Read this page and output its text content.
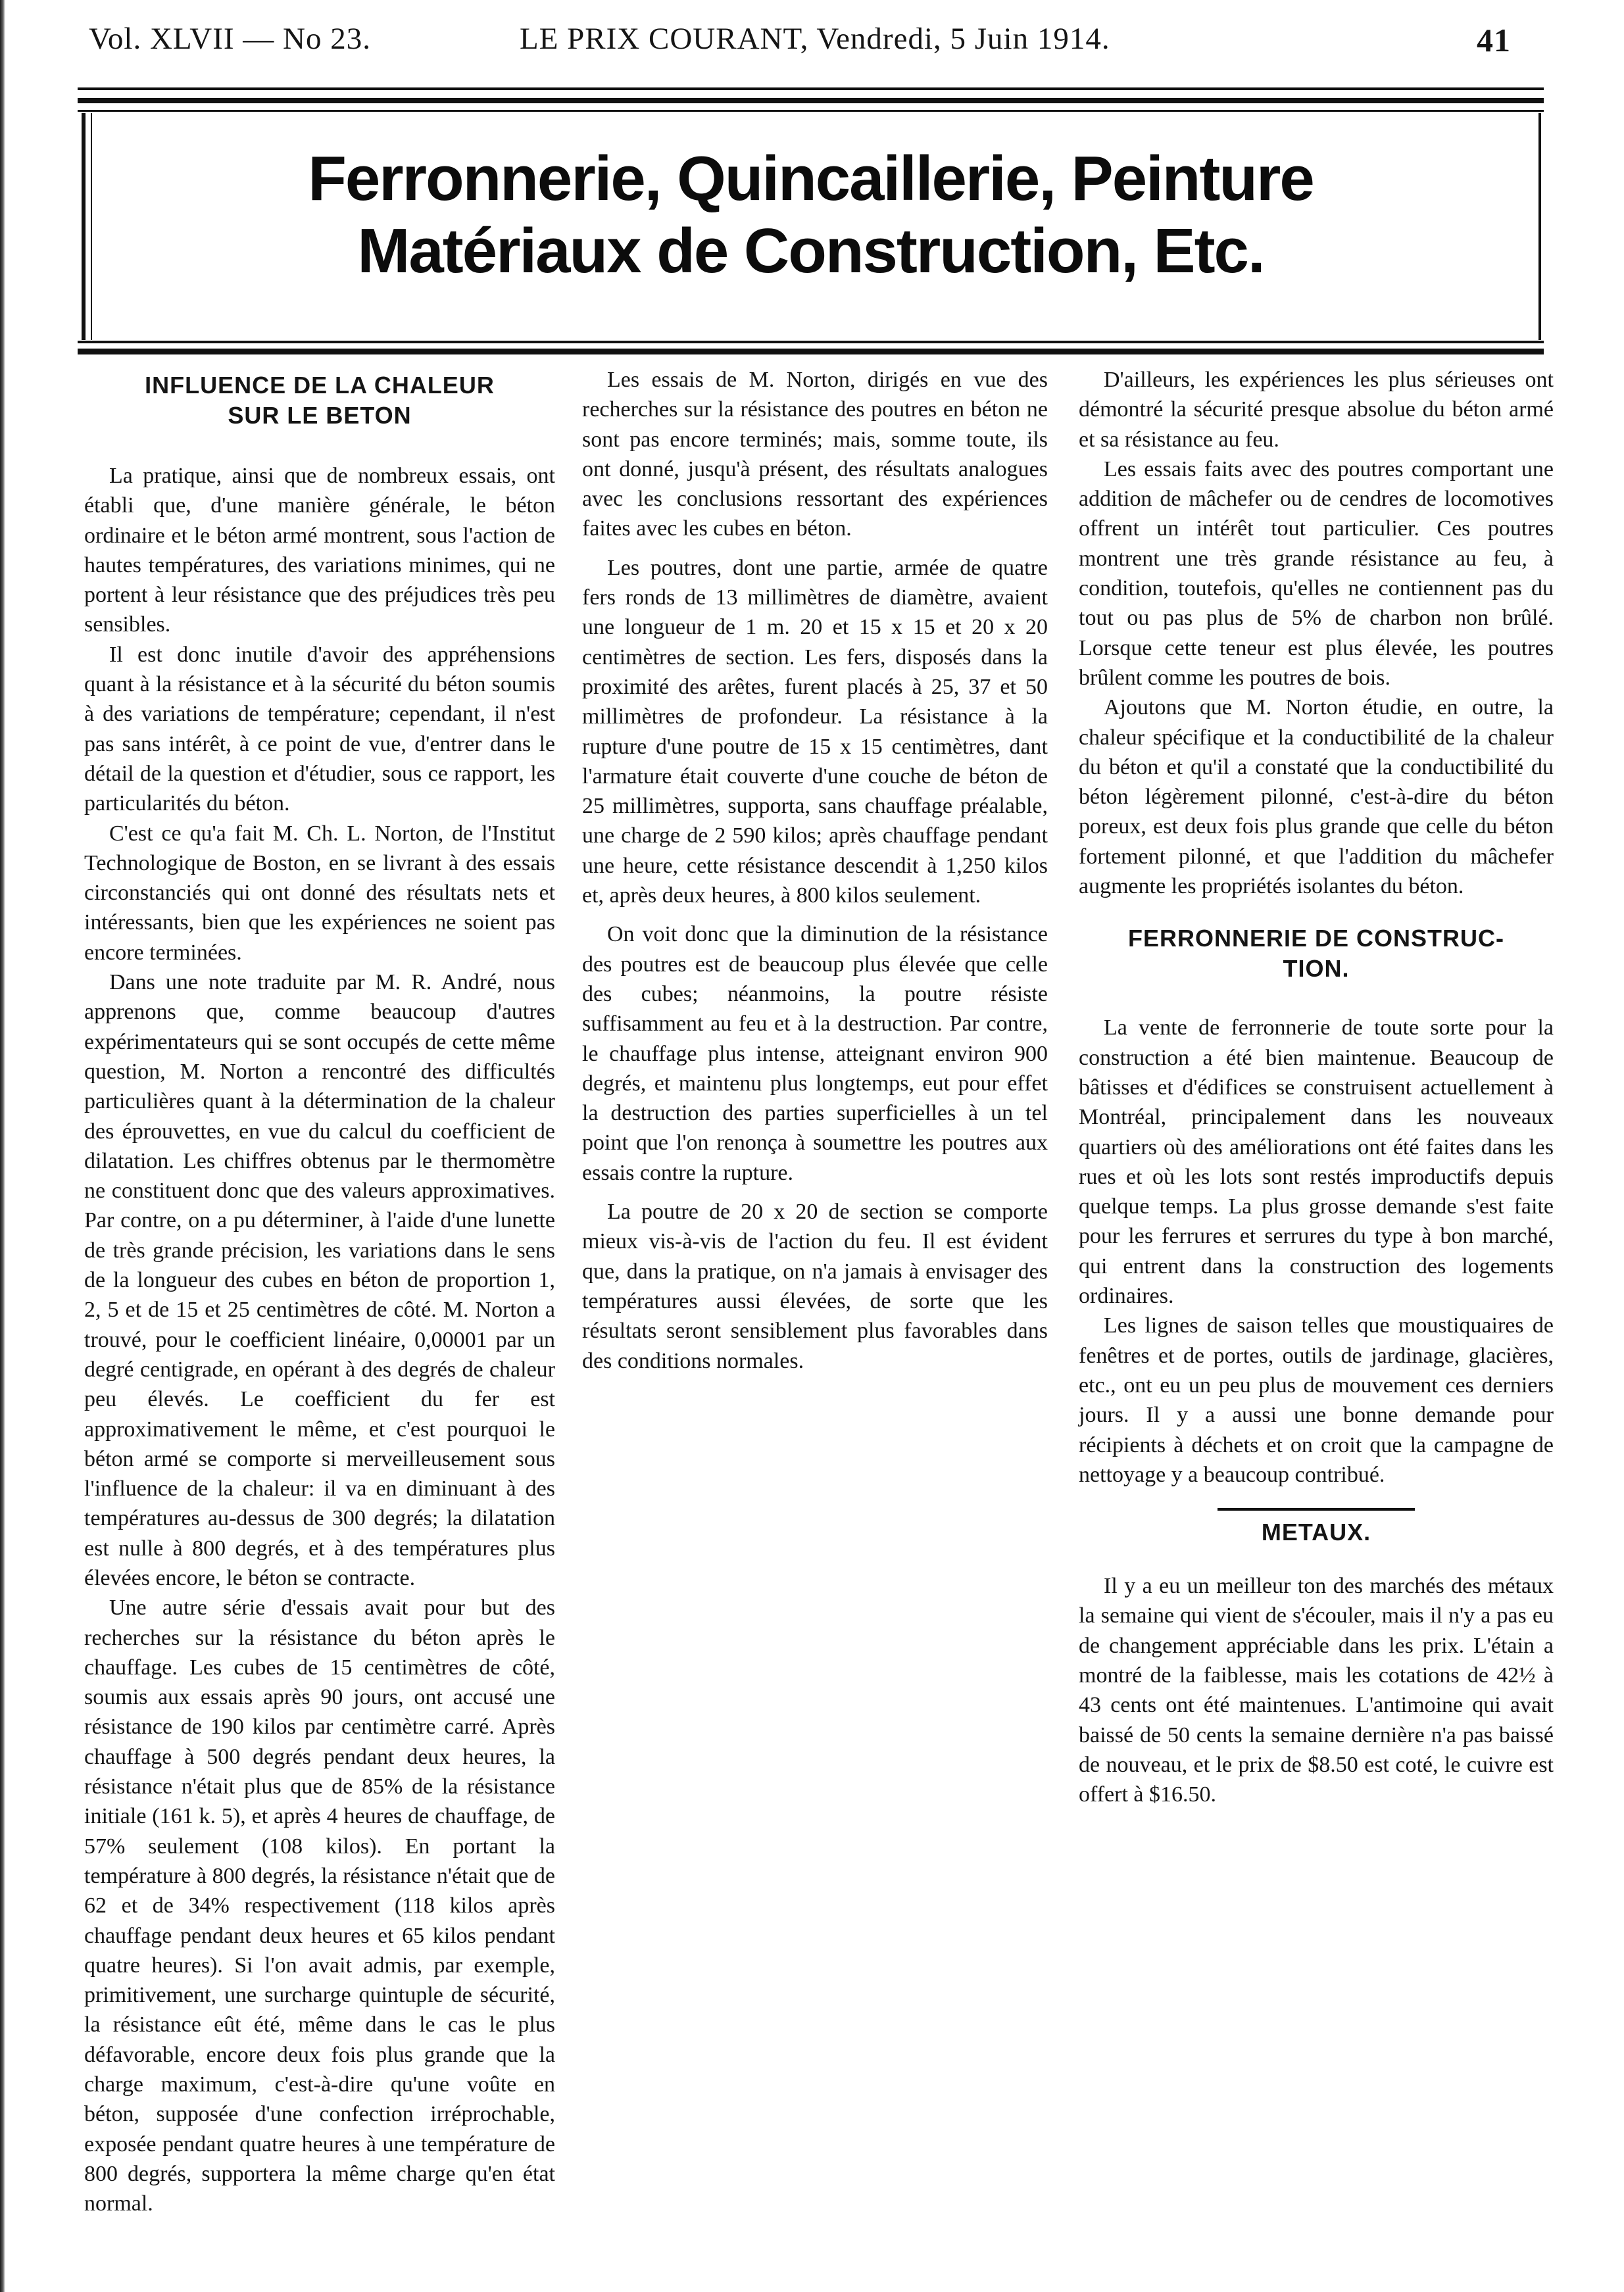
Vol. XLVII — No 23.	LE PRIX COURANT, Vendredi, 5 Juin 1914.	41
Ferronnerie, Quincaillerie, Peinture
Matériaux de Construction, Etc.
INFLUENCE DE LA CHALEUR
SUR LE BETON

La pratique, ainsi que de nombreux essais, ont établi que, d'une manière générale, le béton ordinaire et le béton armé montrent, sous l'action de hautes températures, des variations minimes, qui ne portent à leur résistance que des préjudices très peu sensibles.

Il est donc inutile d'avoir des appréhensions quant à la résistance et à la sécurité du béton soumis à des variations de température; cependant, il n'est pas sans intérêt, à ce point de vue, d'entrer dans le détail de la question et d'étudier, sous ce rapport, les particularités du béton.

C'est ce qu'a fait M. Ch. L. Norton, de l'Institut Technologique de Boston, en se livrant à des essais circonstanciés qui ont donné des résultats nets et intéressants, bien que les expériences ne soient pas encore terminées.

Dans une note traduite par M. R. André, nous apprenons que, comme beaucoup d'autres expérimentateurs qui se sont occupés de cette même question, M. Norton a rencontré des difficultés particulières quant à la détermination de la chaleur des éprouvettes, en vue du calcul du coefficient de dilatation. Les chiffres obtenus par le thermomètre ne constituent donc que des valeurs approximatives. Par contre, on a pu déterminer, à l'aide d'une lunette de très grande précision, les variations dans le sens de la longueur des cubes en béton de proportion 1, 2, 5 et de 15 et 25 centimètres de côté. M. Norton a trouvé, pour le coefficient linéaire, 0,00001 par un degré centigrade, en opérant à des degrés de chaleur peu élevés. Le coefficient du fer est approximativement le même, et c'est pourquoi le béton armé se comporte si merveilleusement sous l'influence de la chaleur: il va en diminuant à des températures au-dessus de 300 degrés; la dilatation est nulle à 800 degrés, et à des températures plus élevées encore, le béton se contracte.

Une autre série d'essais avait pour but des recherches sur la résistance du béton après le chauffage. Les cubes de 15 centimètres de côté, soumis aux essais après 90 jours, ont accusé une résistance de 190 kilos par centimètre carré. Après chauffage à 500 degrés pendant deux heures, la résistance n'était plus que de 85% de la résistance initiale (161 k. 5), et après 4 heures de chauffage, de 57% seulement (108 kilos). En portant la température à 800 degrés, la résistance n'était que de 62 et de 34% respectivement (118 kilos après chauffage pendant deux heures et 65 kilos pendant quatre heures). Si l'on avait admis, par exemple, primitivement, une surcharge quintuple de sécurité, la résistance eût été, même dans le cas le plus défavorable, encore deux fois plus grande que la charge maximum, c'est-à-dire qu'une voûte en béton, supposée d'une confection irréprochable, exposée pendant quatre heures à une température de 800 degrés, supportera la même charge qu'en état normal.

Les essais de M. Norton, dirigés en vue des recherches sur la résistance des poutres en béton ne sont pas encore terminés; mais, somme toute, ils ont donné, jusqu'à présent, des résultats analogues avec les conclusions ressortant des expériences faites avec les cubes en béton.

Les poutres, dont une partie, armée de quatre fers ronds de 13 millimètres de diamètre, avaient une longueur de 1 m. 20 et 15 x 15 et 20 x 20 centimètres de section. Les fers, disposés dans la proximité des arêtes, furent placés à 25, 37 et 50 millimètres de profondeur. La résistance à la rupture d'une poutre de 15 x 15 centimètres, dant l'armature était couverte d'une couche de béton de 25 millimètres, supporta, sans chauffage préalable, une charge de 2 590 kilos; après chauffage pendant une heure, cette résistance descendit à 1,250 kilos et, après deux heures, à 800 kilos seulement.

On voit donc que la diminution de la résistance des poutres est de beaucoup plus élevée que celle des cubes; néanmoins, la poutre résiste suffisamment au feu et à la destruction. Par contre, le chauffage plus intense, atteignant environ 900 degrés, et maintenu plus longtemps, eut pour effet la destruction des parties superficielles à un tel point que l'on renonça à soumettre les poutres aux essais contre la rupture.

La poutre de 20 x 20 de section se comporte mieux vis-à-vis de l'action du feu. Il est évident que, dans la pratique, on n'a jamais à envisager des températures aussi élevées, de sorte que les résultats seront sensiblement plus favorables dans des conditions normales.

D'ailleurs, les expériences les plus sérieuses ont démontré la sécurité presque absolue du béton armé et sa résistance au feu.

Les essais faits avec des poutres comportant une addition de mâchefer ou de cendres de locomotives offrent un intérêt tout particulier. Ces poutres montrent une très grande résistance au feu, à condition, toutefois, qu'elles ne contiennent pas du tout ou pas plus de 5% de charbon non brûlé. Lorsque cette teneur est plus élevée, les poutres brûlent comme les poutres de bois.

Ajoutons que M. Norton étudie, en outre, la chaleur spécifique et la conductibilité de la chaleur du béton et qu'il a constaté que la conductibilité du béton légèrement pilonné, c'est-à-dire du béton poreux, est deux fois plus grande que celle du béton fortement pilonné, et que l'addition du mâchefer augmente les propriétés isolantes du béton.

FERRONNERIE DE CONSTRUC-
TION.

La vente de ferronnerie de toute sorte pour la construction a été bien maintenue. Beaucoup de bâtisses et d'édifices se construisent actuellement à Montréal, principalement dans les nouveaux quartiers où des améliorations ont été faites dans les rues et où les lots sont restés improductifs depuis quelque temps. La plus grosse demande s'est faite pour les ferrures et serrures du type à bon marché, qui entrent dans la construction des logements ordinaires.

Les lignes de saison telles que moustiquaires de fenêtres et de portes, outils de jardinage, glacières, etc., ont eu un peu plus de mouvement ces derniers jours. Il y a aussi une bonne demande pour récipients à déchets et on croit que la campagne de nettoyage y a beaucoup contribué.

METAUX.

Il y a eu un meilleur ton des marchés des métaux la semaine qui vient de s'écouler, mais il n'y a pas eu de changement appréciable dans les prix. L'étain a montré de la faiblesse, mais les cotations de 42½ à 43 cents ont été maintenues. L'antimoine qui avait baissé de 50 cents la semaine dernière n'a pas baissé de nouveau, et le prix de $8.50 est coté, le cuivre est offert à $16.50.
